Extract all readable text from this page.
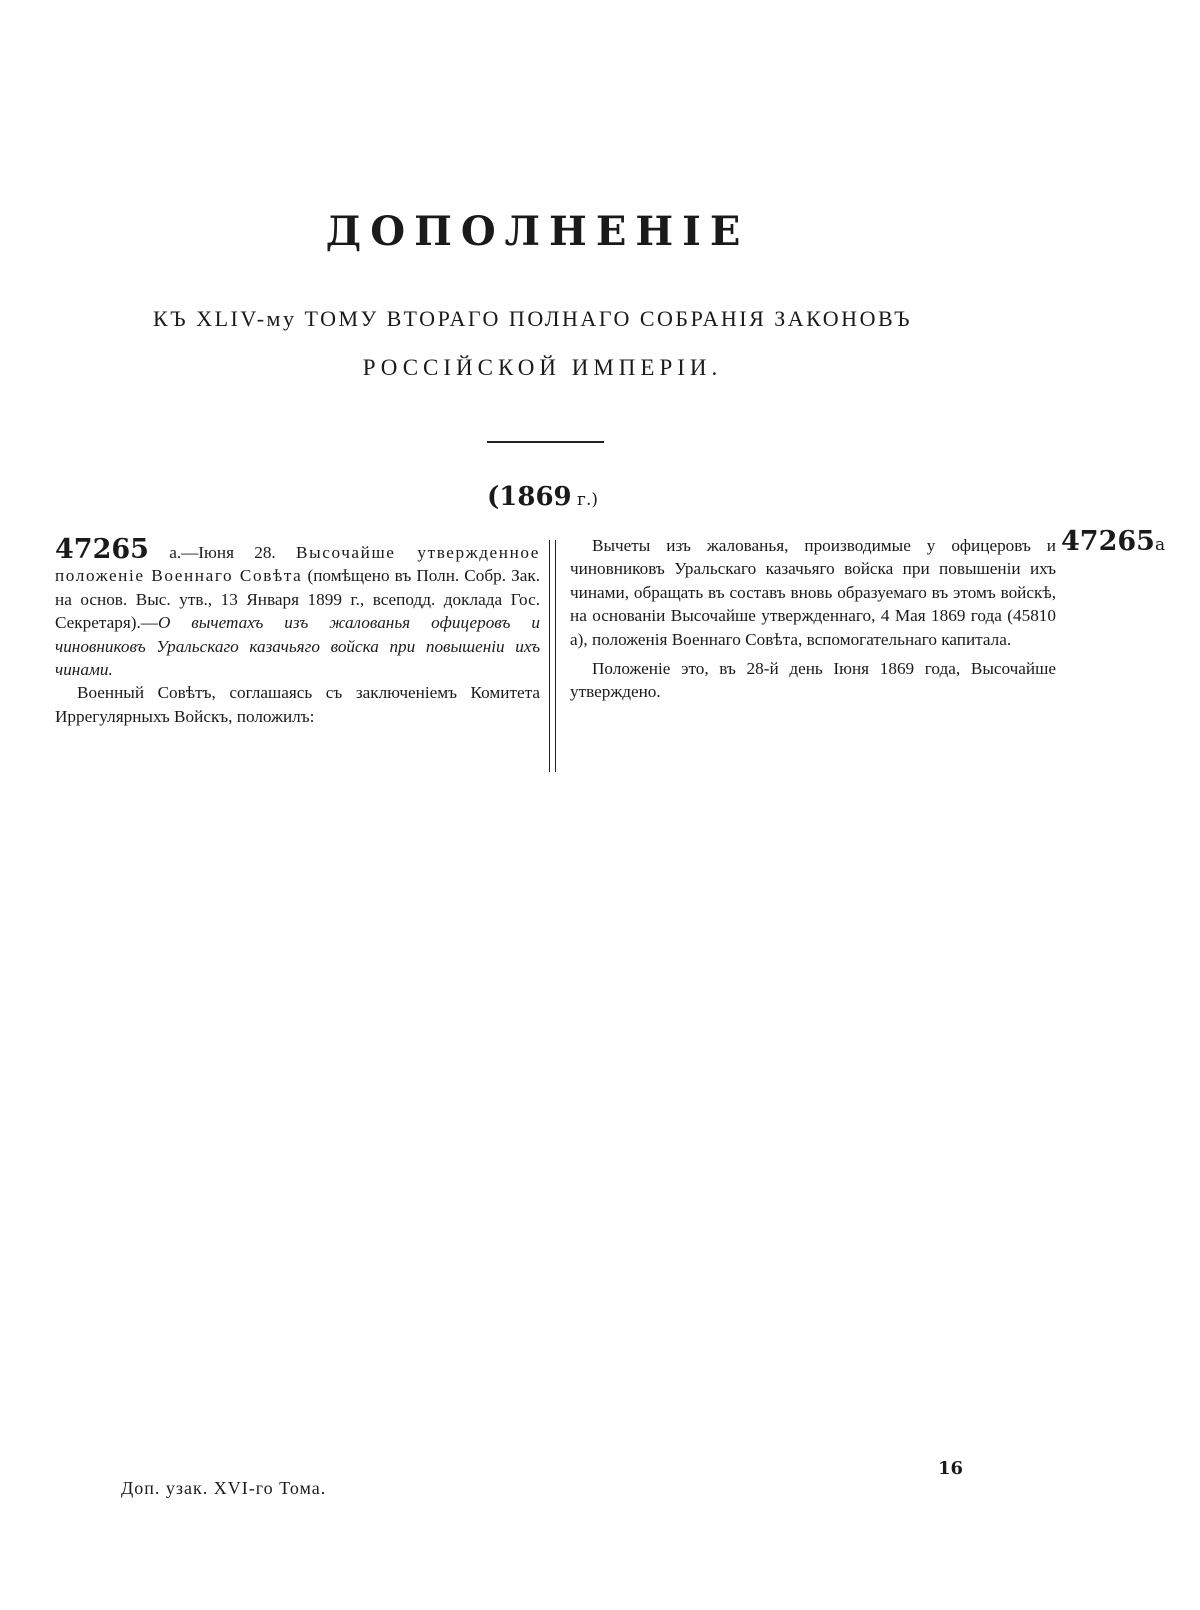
ДОПОЛНЕНІЕ
КЪ XLIV-му ТОМУ ВТОРАГО ПОЛНАГО СОБРАНІЯ ЗАКОНОВЪ
РОССІЙСКОЙ ИМПЕРІИ.
(1869 г.)

47265 а.—Іюня 28. Высочайше утвержденное положеніе Военнаго Совѣта (помѣщено въ Полн. Собр. Зак. на основ. Выс. утв., 13 Января 1899 г., всеподд. доклада Гос. Секретаря).—О вычетахъ изъ жалованья офицеровъ и чиновниковъ Уральскаго казачьяго войска при повышеніи ихъ чинами.

Военный Совѣтъ, соглашаясь съ заключеніемъ Комитета Иррегулярныхъ Войскъ, положилъ:

Вычеты изъ жалованья, производимые у офицеровъ и чиновниковъ Уральскаго казачьяго войска при повышеніи ихъ чинами, обращать въ составъ вновь образуемаго въ этомъ войскѣ, на основаніи Высочайше утвержденнаго, 4 Мая 1869 года (45810 а), положенія Военнаго Совѣта, вспомогательнаго капитала.

Положеніе это, въ 28-й день Іюня 1869 года, Высочайше утверждено.

47265а
16
Доп. узак. XVI-го Тома.
